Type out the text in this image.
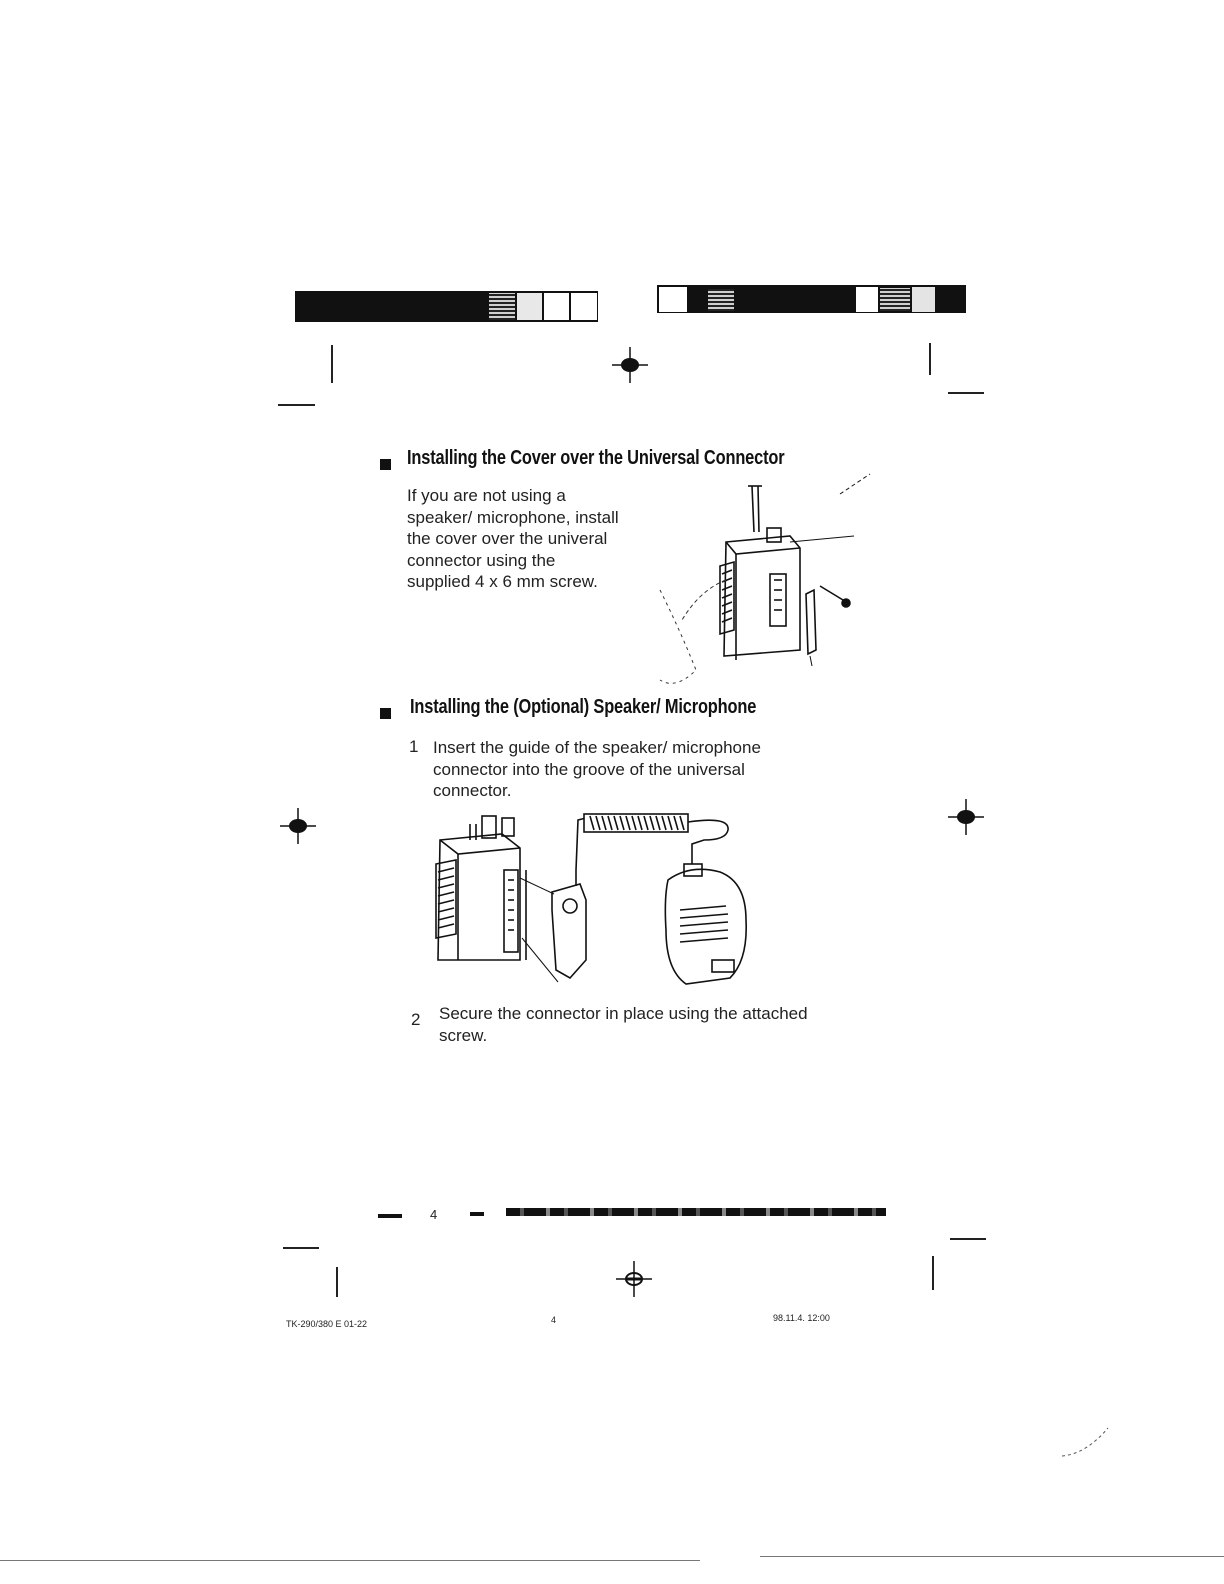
Installing the Cover over the Universal Connector
If you are not using a
speaker/ microphone, install
the cover over the univeral
connector using the
supplied 4 x 6 mm screw.
Installing the (Optional) Speaker/ Microphone
1 Insert the guide of the speaker/ microphone
connector into the groove of the universal
connector.
2 Secure the connector in place using the attached
screw.
4
TK-290/380 E 01-22	4	98.11.4. 12:00
